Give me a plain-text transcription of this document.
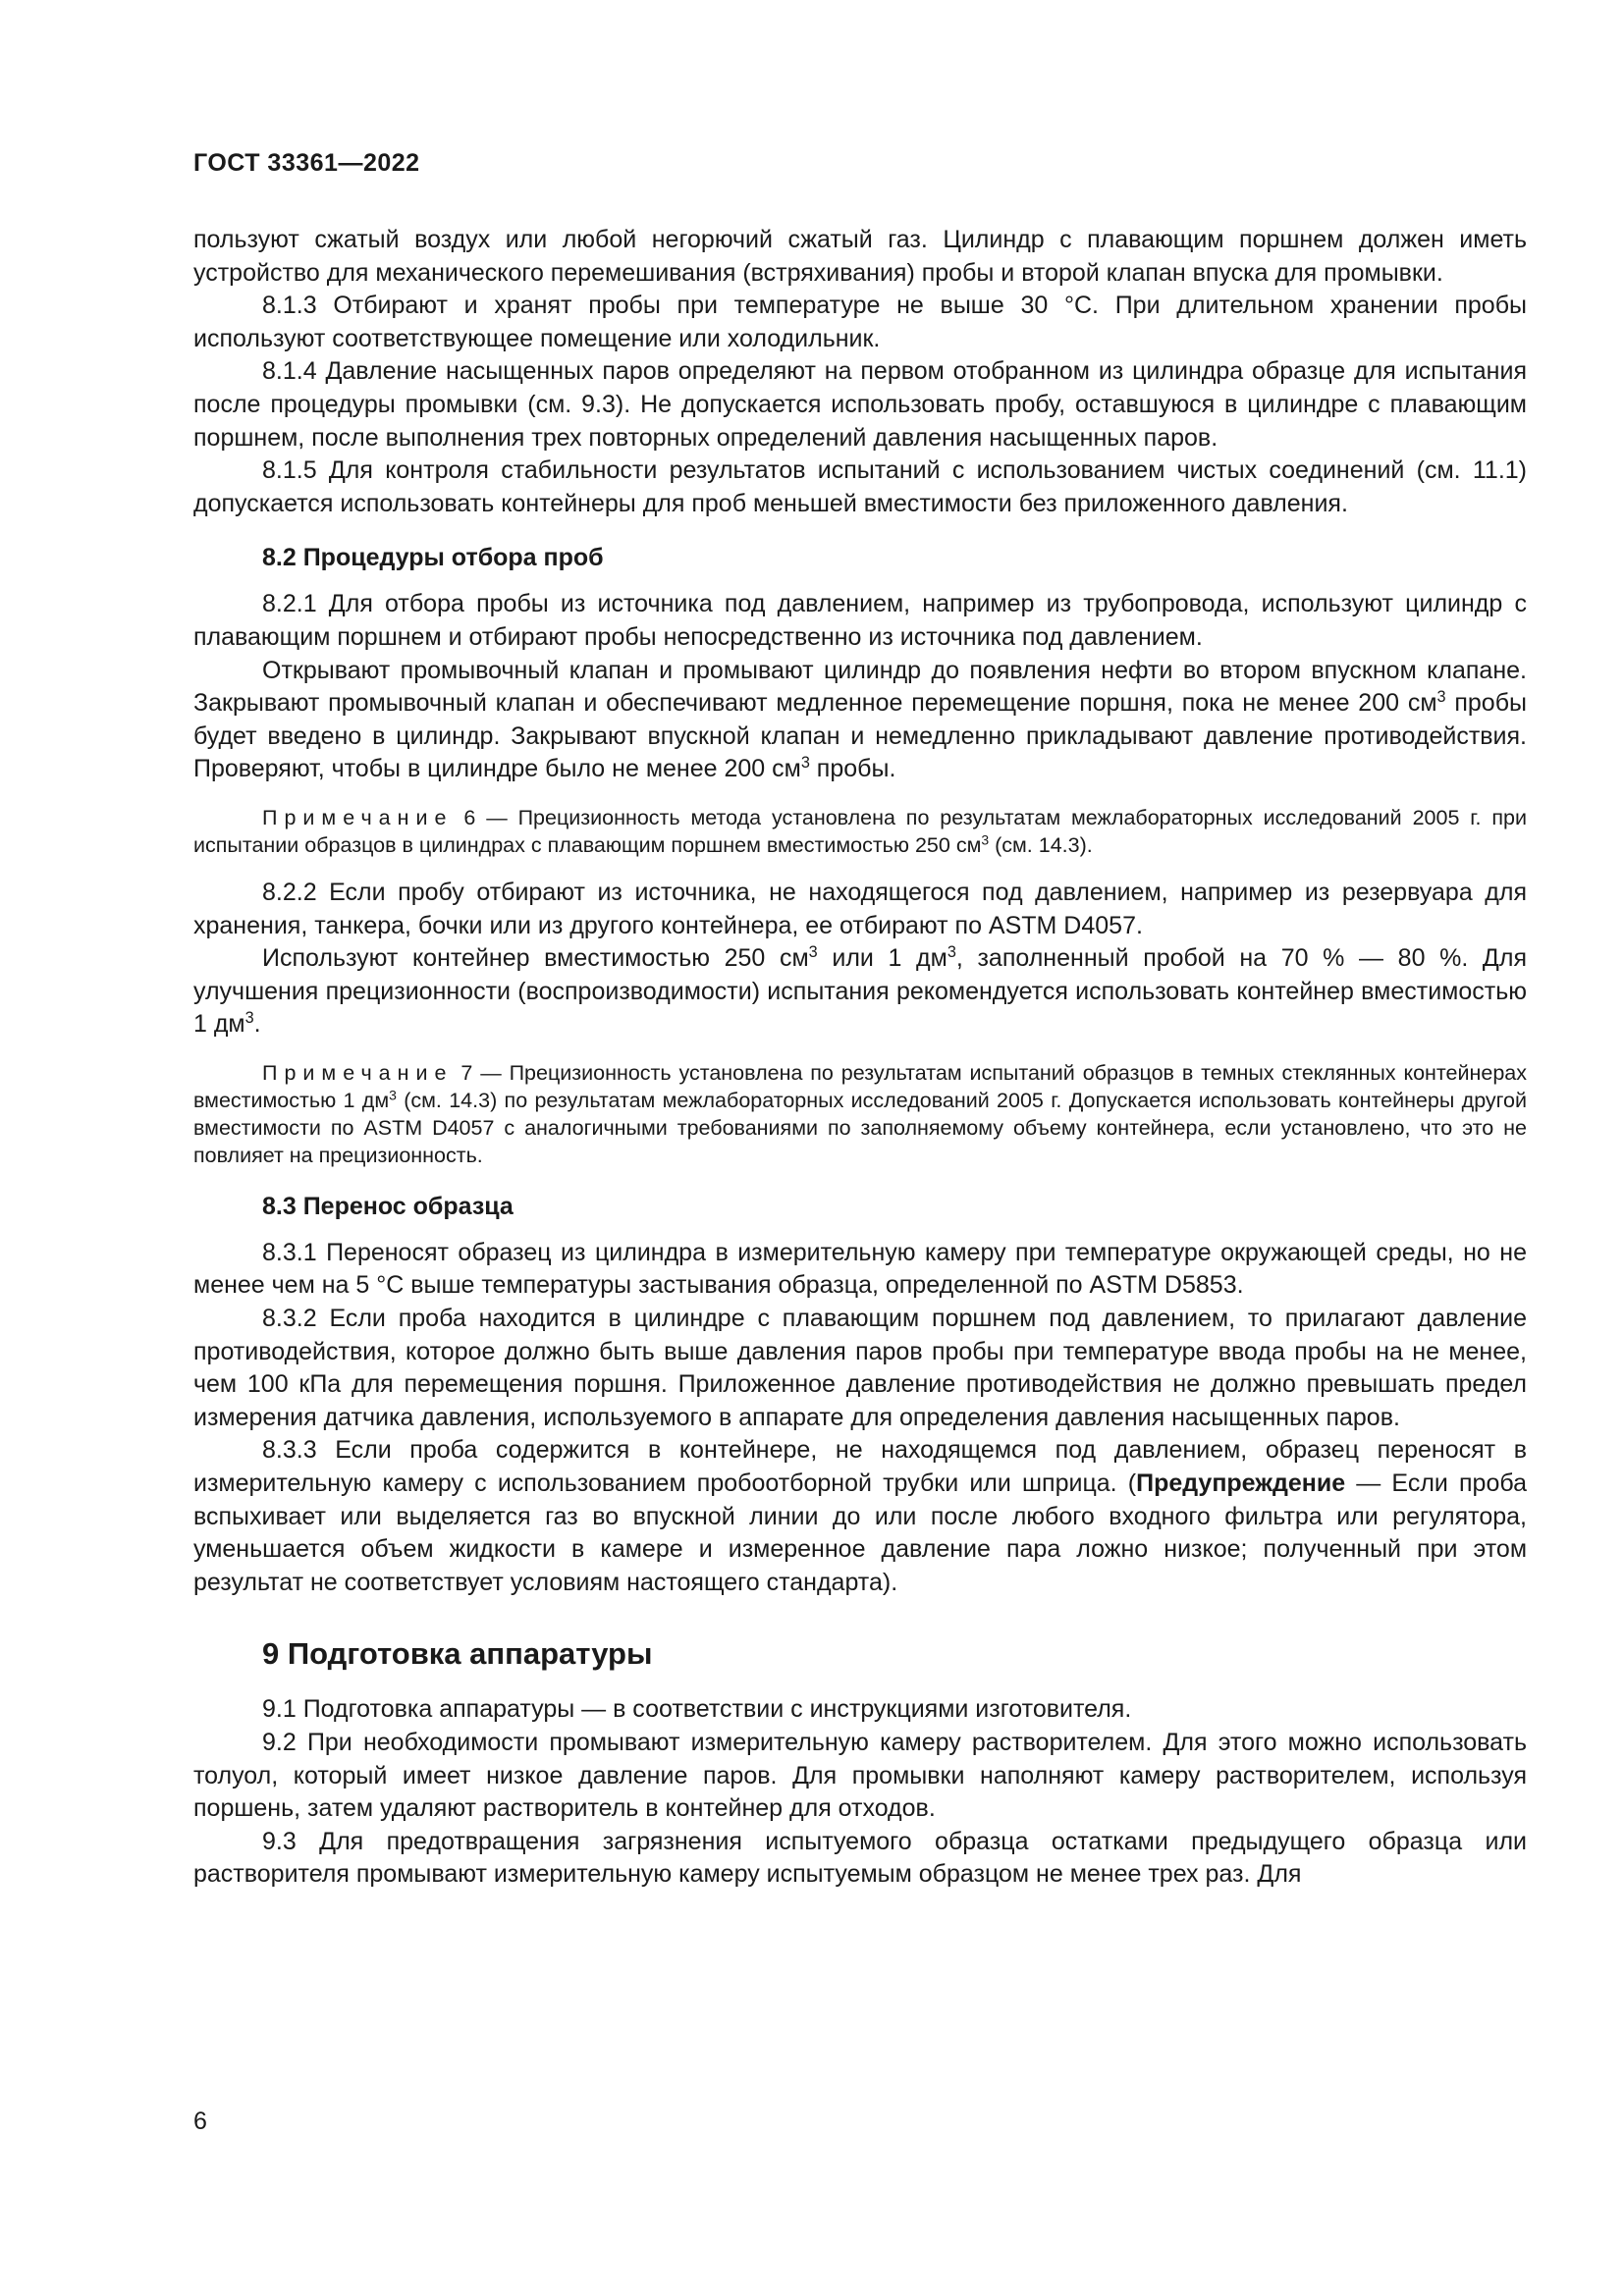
ГОСТ 33361—2022

пользуют сжатый воздух или любой негорючий сжатый газ. Цилиндр с плавающим поршнем должен иметь устройство для механического перемешивания (встряхивания) пробы и второй клапан впуска для промывки.

8.1.3 Отбирают и хранят пробы при температуре не выше 30 °С. При длительном хранении пробы используют соответствующее помещение или холодильник.

8.1.4 Давление насыщенных паров определяют на первом отобранном из цилиндра образце для испытания после процедуры промывки (см. 9.3). Не допускается использовать пробу, оставшуюся в цилиндре с плавающим поршнем, после выполнения трех повторных определений давления насыщенных паров.

8.1.5 Для контроля стабильности результатов испытаний с использованием чистых соединений (см. 11.1) допускается использовать контейнеры для проб меньшей вместимости без приложенного давления.

8.2 Процедуры отбора проб

8.2.1 Для отбора пробы из источника под давлением, например из трубопровода, используют цилиндр с плавающим поршнем и отбирают пробы непосредственно из источника под давлением.

Открывают промывочный клапан и промывают цилиндр до появления нефти во втором впускном клапане. Закрывают промывочный клапан и обеспечивают медленное перемещение поршня, пока не менее 200 $см^3$ пробы будет введено в цилиндр. Закрывают впускной клапан и немедленно прикладывают давление противодействия. Проверяют, чтобы в цилиндре было не менее 200 $см^3$ пробы.

Примечание 6 — Прецизионность метода установлена по результатам межлабораторных исследований 2005 г. при испытании образцов в цилиндрах с плавающим поршнем вместимостью 250 $см^3$ (см. 14.3).

8.2.2 Если пробу отбирают из источника, не находящегося под давлением, например из резервуара для хранения, танкера, бочки или из другого контейнера, ее отбирают по ASTM D4057.

Используют контейнер вместимостью 250 $см^3$ или 1 $дм^3$, заполненный пробой на 70 % — 80 %. Для улучшения прецизионности (воспроизводимости) испытания рекомендуется использовать контейнер вместимостью 1 $дм^3$.

Примечание 7 — Прецизионность установлена по результатам испытаний образцов в темных стеклянных контейнерах вместимостью 1 $дм^3$ (см. 14.3) по результатам межлабораторных исследований 2005 г. Допускается использовать контейнеры другой вместимости по ASTM D4057 с аналогичными требованиями по заполняемому объему контейнера, если установлено, что это не повлияет на прецизионность.
8.3 Перенос образца

8.3.1 Переносят образец из цилиндра в измерительную камеру при температуре окружающей среды, но не менее чем на 5 °С выше температуры застывания образца, определенной по ASTM D5853.

8.3.2 Если проба находится в цилиндре с плавающим поршнем под давлением, то прилагают давление противодействия, которое должно быть выше давления паров пробы при температуре ввода пробы на не менее, чем 100 кПа для перемещения поршня. Приложенное давление противодействия не должно превышать предел измерения датчика давления, используемого в аппарате для определения давления насыщенных паров.

8.3.3 Если проба содержится в контейнере, не находящемся под давлением, образец переносят в измерительную камеру с использованием пробоотборной трубки или шприца. (Предупреждение — Если проба вспыхивает или выделяется газ во впускной линии до или после любого входного фильтра или регулятора, уменьшается объем жидкости в камере и измеренное давление пара ложно низкое; полученный при этом результат не соответствует условиям настоящего стандарта).

9 Подготовка аппаратуры

9.1 Подготовка аппаратуры — в соответствии с инструкциями изготовителя.

9.2 При необходимости промывают измерительную камеру растворителем. Для этого можно использовать толуол, который имеет низкое давление паров. Для промывки наполняют камеру растворителем, используя поршень, затем удаляют растворитель в контейнер для отходов.

9.3 Для предотвращения загрязнения испытуемого образца остатками предыдущего образца или растворителя промывают измерительную камеру испытуемым образцом не менее трех раз. Для

6
